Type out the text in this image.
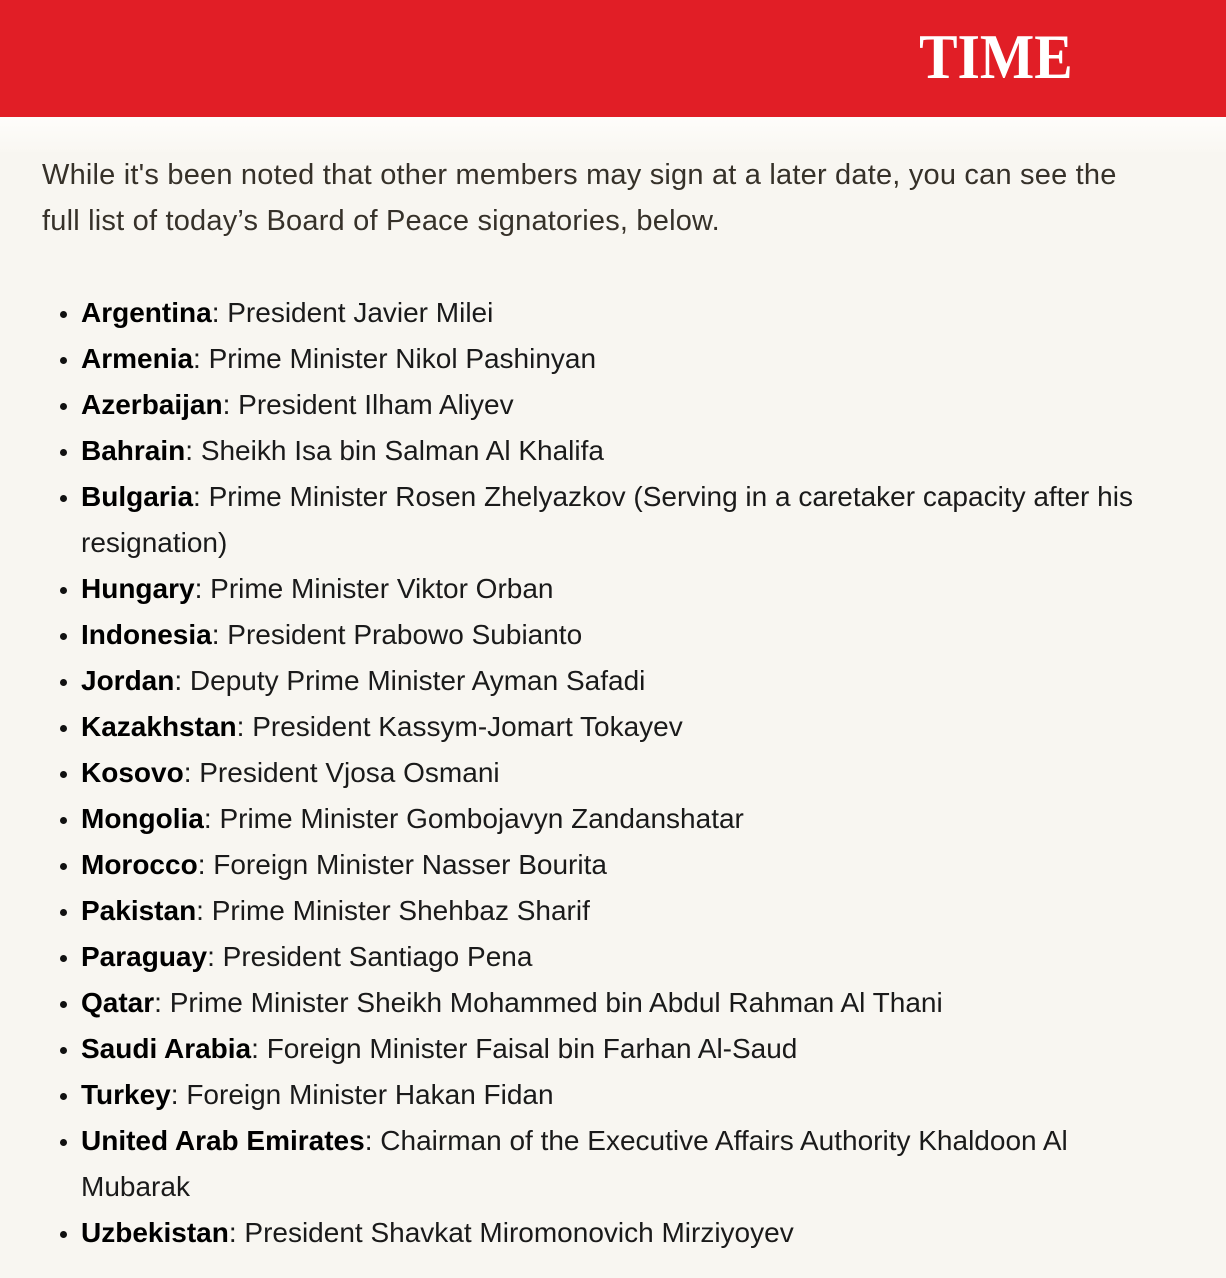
TIME

While it's been noted that other members may sign at a later date, you can see the full list of today’s Board of Peace signatories, below.

• Argentina: President Javier Milei
• Armenia: Prime Minister Nikol Pashinyan
• Azerbaijan: President Ilham Aliyev
• Bahrain: Sheikh Isa bin Salman Al Khalifa
• Bulgaria: Prime Minister Rosen Zhelyazkov (Serving in a caretaker capacity after his resignation)
• Hungary: Prime Minister Viktor Orban
• Indonesia: President Prabowo Subianto
• Jordan: Deputy Prime Minister Ayman Safadi
• Kazakhstan: President Kassym-Jomart Tokayev
• Kosovo: President Vjosa Osmani
• Mongolia: Prime Minister Gombojavyn Zandanshatar
• Morocco: Foreign Minister Nasser Bourita
• Pakistan: Prime Minister Shehbaz Sharif
• Paraguay: President Santiago Pena
• Qatar: Prime Minister Sheikh Mohammed bin Abdul Rahman Al Thani
• Saudi Arabia: Foreign Minister Faisal bin Farhan Al-Saud
• Turkey: Foreign Minister Hakan Fidan
• United Arab Emirates: Chairman of the Executive Affairs Authority Khaldoon Al Mubarak
• Uzbekistan: President Shavkat Miromonovich Mirziyoyev
